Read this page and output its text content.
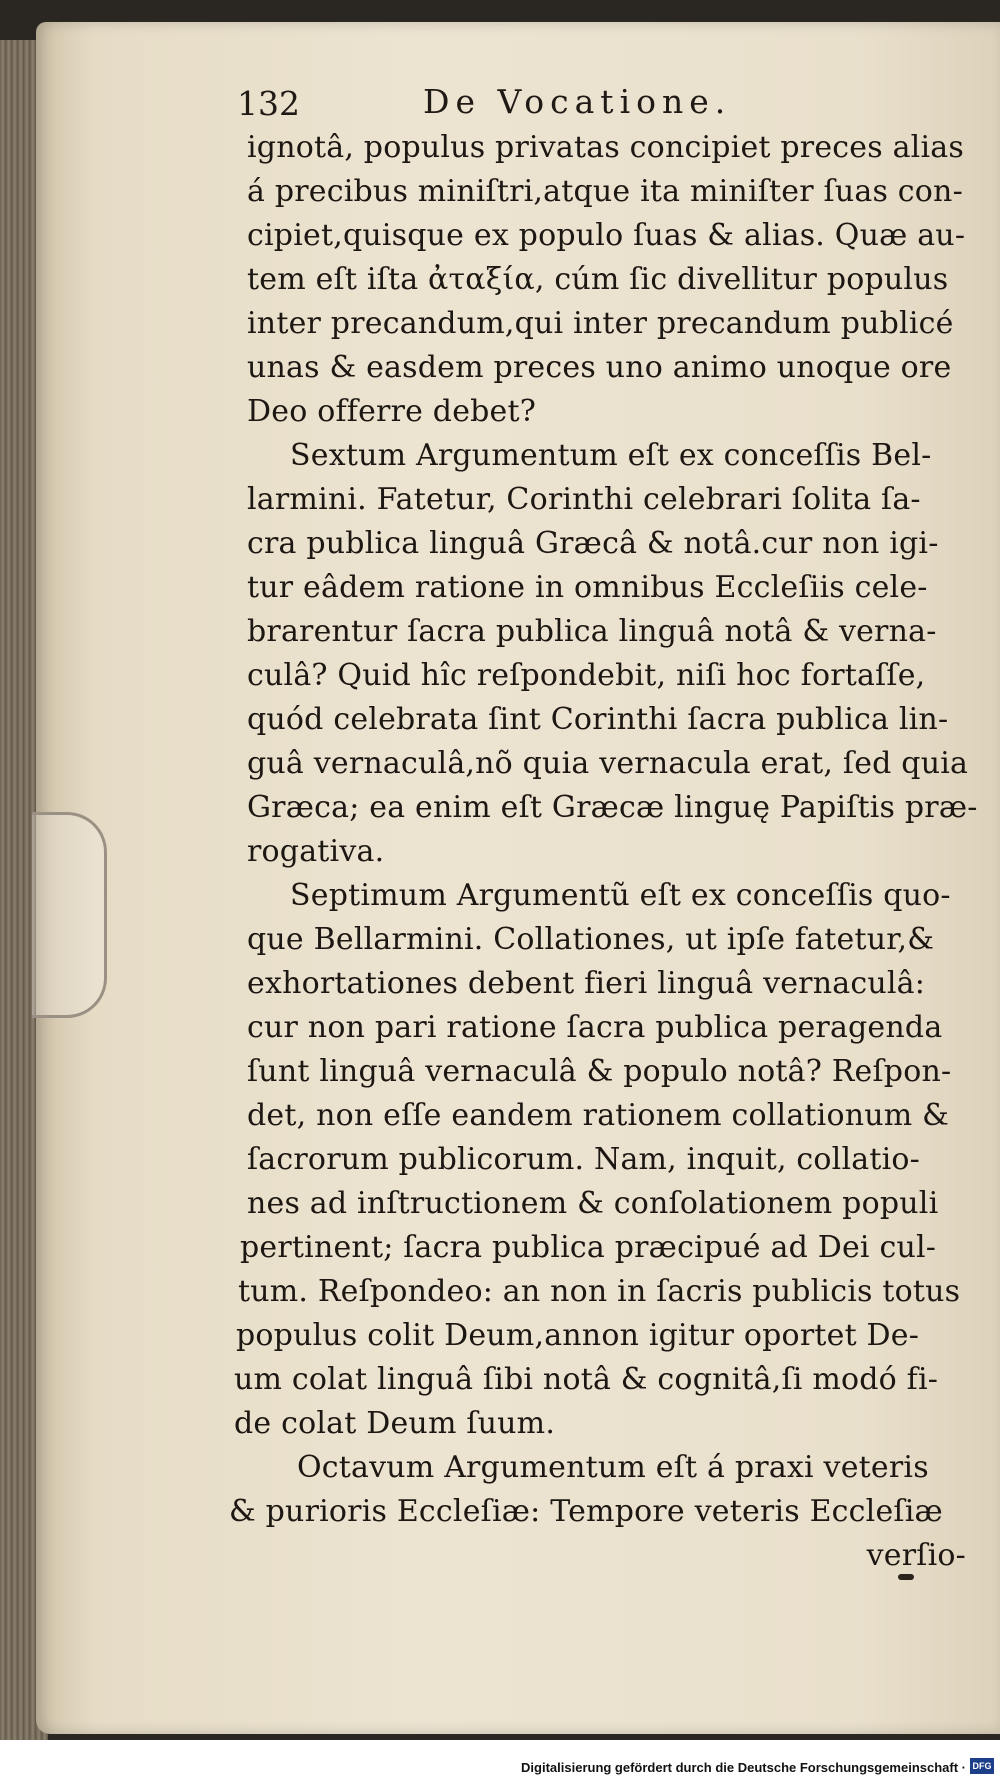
132	De Vocatione.
ignotâ, populus privatas concipiet preces alias
á precibus miniſtri,atque ita miniſter ſuas con-
cipiet,quisque ex populo ſuas & alias. Quæ au-
tem eſt iſta ἀταξία, cúm ſic divellitur populus
inter precandum,qui inter precandum publicé
unas & easdem preces uno animo unoque ore
Deo offerre debet?
Sextum Argumentum eſt ex conceſſis Bel-
larmini. Fatetur, Corinthi celebrari ſolita ſa-
cra publica linguâ Græcâ & notâ.cur non igi-
tur eâdem ratione in omnibus Eccleſiis cele-
brarentur ſacra publica linguâ notâ & verna-
culâ? Quid hîc reſpondebit, niſi hoc fortaſſe,
quód celebrata ſint Corinthi ſacra publica lin-
guâ vernaculâ,nõ quia vernacula erat, ſed quia
Græca; ea enim eſt Græcæ linguę Papiſtis præ-
rogativa.
Septimum Argumentũ eſt ex conceſſis quo-
que Bellarmini. Collationes, ut ipſe fatetur,&
exhortationes debent fieri linguâ vernaculâ:
cur non pari ratione ſacra publica peragenda
ſunt linguâ vernaculâ & populo notâ? Reſpon-
det, non eſſe eandem rationem collationum &
ſacrorum publicorum. Nam, inquit, collatio-
nes ad inſtructionem & conſolationem populi
pertinent; ſacra publica præcipué ad Dei cul-
tum. Reſpondeo: an non in ſacris publicis totus
populus colit Deum,annon igitur oportet De-
um colat linguâ ſibi notâ & cognitâ,ſi modó fi-
de colat Deum ſuum.
Octavum Argumentum eſt á praxi veteris
& purioris Eccleſiæ: Tempore veteris Eccleſiæ
verſio-
Digitalisierung gefördert durch die Deutsche Forschungsgemeinschaft · DFG
